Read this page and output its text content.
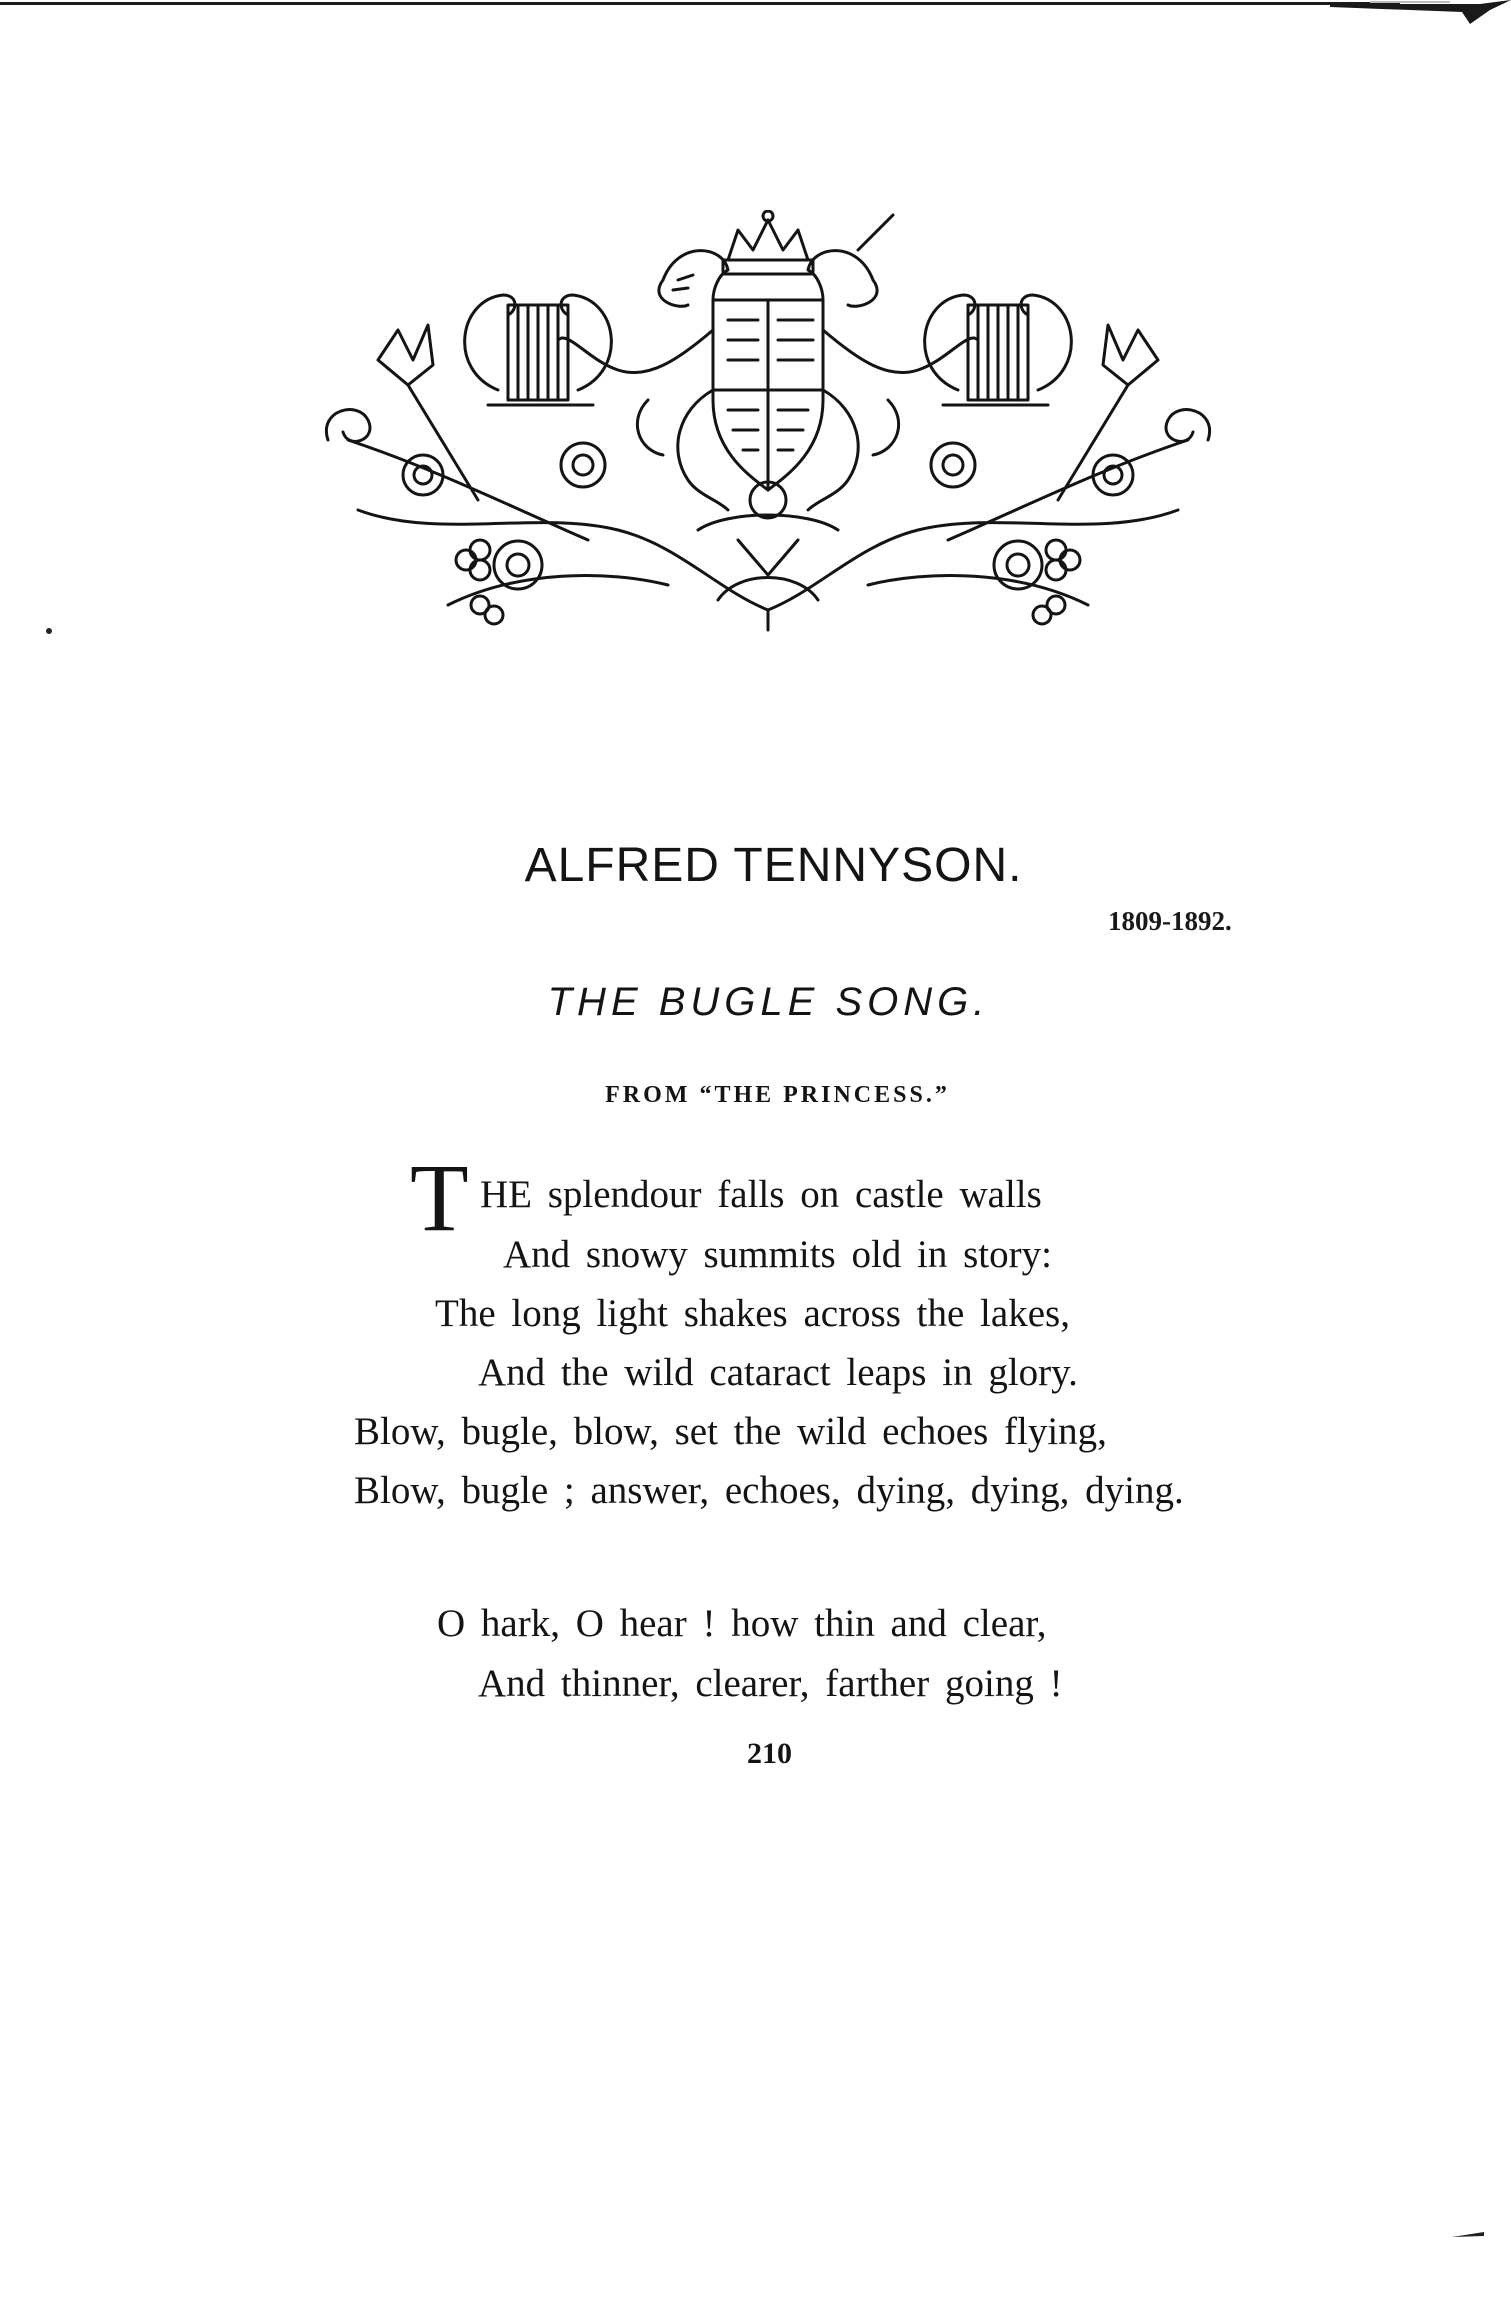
ALFRED TENNYSON.
1809-1892.
THE BUGLE SONG.
FROM “THE PRINCESS.”
T HE splendour falls on castle walls
And snowy summits old in story:
The long light shakes across the lakes,
And the wild cataract leaps in glory.
Blow, bugle, blow, set the wild echoes flying,
Blow, bugle ; answer, echoes, dying, dying, dying.
O hark, O hear ! how thin and clear,
And thinner, clearer, farther going !
210
